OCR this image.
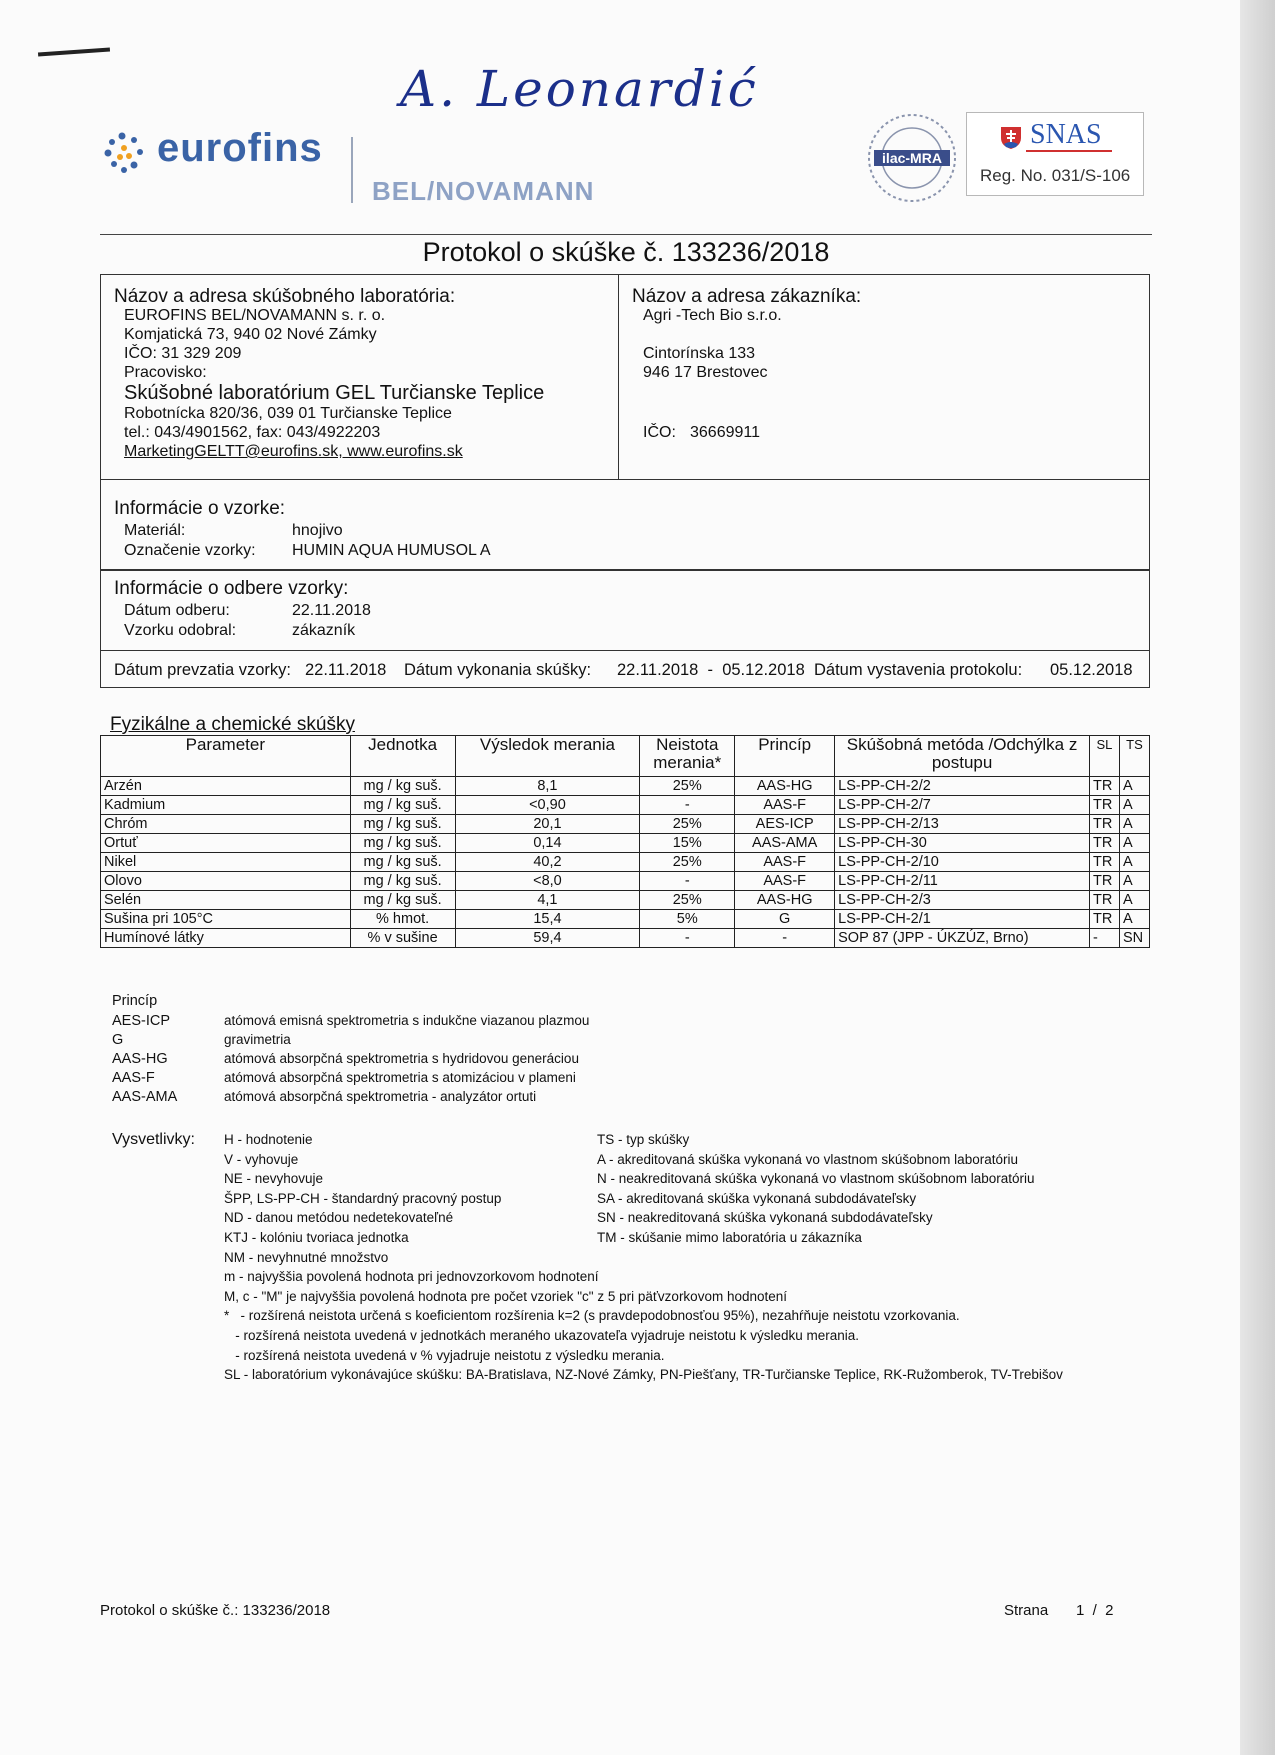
A. Leonardić
eurofins
BEL/NOVAMANN
ilac-MRA
SNAS
Reg. No. 031/S-106
Protokol o skúške č. 133236/2018
Názov a adresa skúšobného laboratória:
EUROFINS BEL/NOVAMANN s. r. o.
Komjatická 73, 940 02 Nové Zámky
IČO: 31 329 209
Pracovisko:
Skúšobné laboratórium GEL Turčianske Teplice
Robotnícka 820/36, 039 01 Turčianske Teplice
tel.: 043/4901562, fax: 043/4922203
MarketingGELTT@eurofins.sk, www.eurofins.sk
Názov a adresa zákazníka:
Agri -Tech Bio s.r.o.
Cintorínska 133
946 17 Brestovec
IČO: 36669911
Informácie o vzorke:
Materiál:	hnojivo
Označenie vzorky: HUMIN AQUA HUMUSOL A
Informácie o odbere vzorky:
Dátum odberu:	22.11.2018
Vzorku odobral:	zákazník
Dátum prevzatia vzorky: 22.11.2018 Dátum vykonania skúšky: 22.11.2018  -  05.12.2018 Dátum vystavenia protokolu: 05.12.2018
Fyzikálne a chemické skúšky
Parameter	Jednotka	Výsledok merania	Neistota merania*	Princíp	Skúšobná metóda /Odchýlka z postupu	SL	TS
Arzén	mg / kg suš.	8,1	25%	AAS-HG	LS-PP-CH-2/2	TR	A
Kadmium	mg / kg suš.	<0,90	-	AAS-F	LS-PP-CH-2/7	TR	A
Chróm	mg / kg suš.	20,1	25%	AES-ICP	LS-PP-CH-2/13	TR	A
Ortuť	mg / kg suš.	0,14	15%	AAS-AMA	LS-PP-CH-30	TR	A
Nikel	mg / kg suš.	40,2	25%	AAS-F	LS-PP-CH-2/10	TR	A
Olovo	mg / kg suš.	<8,0	-	AAS-F	LS-PP-CH-2/11	TR	A
Selén	mg / kg suš.	4,1	25%	AAS-HG	LS-PP-CH-2/3	TR	A
Sušina pri 105°C	% hmot.	15,4	5%	G	LS-PP-CH-2/1	TR	A
Humínové látky	% v sušine	59,4	-	-	SOP 87 (JPP - ÚKZÚZ, Brno)	-	SN
Princíp
AES-ICP	atómová emisná spektrometria s indukčne viazanou plazmou
G	gravimetria
AAS-HG	atómová absorpčná spektrometria s hydridovou generáciou
AAS-F	atómová absorpčná spektrometria s atomizáciou v plameni
AAS-AMA	atómová absorpčná spektrometria - analyzátor ortuti
Vysvetlivky: H - hodnotenie
V - vyhovuje
NE - nevyhovuje
ŠPP, LS-PP-CH - štandardný pracovný postup
ND - danou metódou nedetekovateľné
KTJ - kolóniu tvoriaca jednotka
NM - nevyhnutné množstvo
m - najvyššia povolená hodnota pri jednovzorkovom hodnotení
M, c - "M" je najvyššia povolená hodnota pre počet vzoriek "c" z 5 pri päťvzorkovom hodnotení
*   - rozšírená neistota určená s koeficientom rozšírenia k=2 (s pravdepodobnosťou 95%), nezahŕňuje neistotu vzorkovania.
- rozšírená neistota uvedená v jednotkách meraného ukazovateľa vyjadruje neistotu k výsledku merania.
- rozšírená neistota uvedená v % vyjadruje neistotu z výsledku merania.
SL - laboratórium vykonávajúce skúšku: BA-Bratislava, NZ-Nové Zámky, PN-Piešťany, TR-Turčianske Teplice, RK-Ružomberok, TV-Trebišov
TS - typ skúšky
A - akreditovaná skúška vykonaná vo vlastnom skúšobnom laboratóriu
N - neakreditovaná skúška vykonaná vo vlastnom skúšobnom laboratóriu
SA - akreditovaná skúška vykonaná subdodávateľsky
SN - neakreditovaná skúška vykonaná subdodávateľsky
TM - skúšanie mimo laboratória u zákazníka
Protokol o skúške č.: 133236/2018	Strana 1  /  2
